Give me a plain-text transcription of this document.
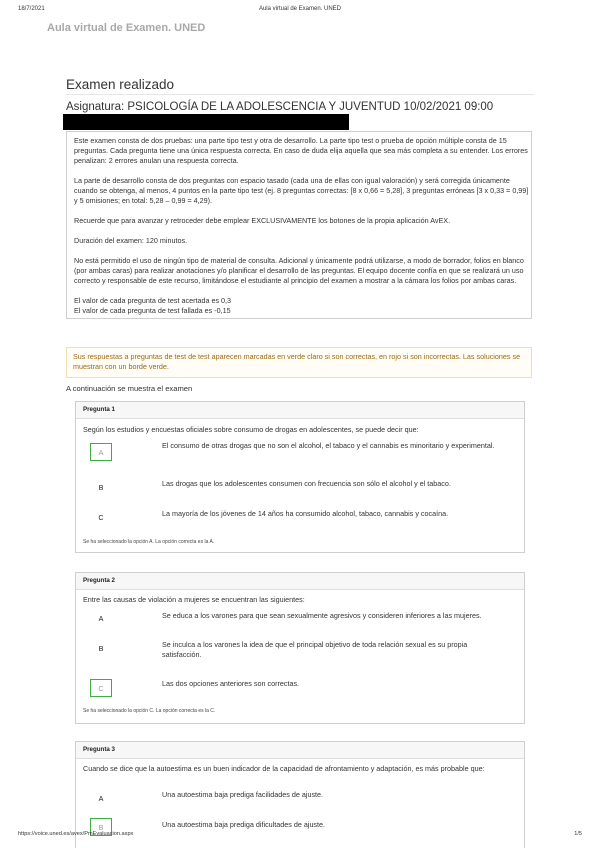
18/7/2021	Aula virtual de Examen. UNED
Aula virtual de Examen. UNED
Examen realizado
Asignatura: PSICOLOGÍA DE LA ADOLESCENCIA Y JUVENTUD 10/02/2021 09:00

Este examen consta de dos pruebas: una parte tipo test y otra de desarrollo. La parte tipo test o prueba de opción múltiple consta de 15 preguntas. Cada pregunta tiene una única respuesta correcta. En caso de duda elija aquella que sea más completa a su entender. Los errores penalizan: 2 errores anulan una respuesta correcta.

La parte de desarrollo consta de dos preguntas con espacio tasado (cada una de ellas con igual valoración) y será corregida únicamente cuando se obtenga, al menos, 4 puntos en la parte tipo test (ej. 8 preguntas correctas: [8 x 0,66 = 5,28], 3 preguntas erróneas [3 x 0,33 = 0,99] y 5 omisiones; en total: 5,28 – 0,99 = 4,29).

Recuerde que para avanzar y retroceder debe emplear EXCLUSIVAMENTE los botones de la propia aplicación AvEX.

Duración del examen: 120 minutos.

No está permitido el uso de ningún tipo de material de consulta. Adicional y únicamente podrá utilizarse, a modo de borrador, folios en blanco (por ambas caras) para realizar anotaciones y/o planificar el desarrollo de las preguntas. El equipo docente confía en que se realizará un uso correcto y responsable de este recurso, limitándose el estudiante al principio del examen a mostrar a la cámara los folios por ambas caras.

El valor de cada pregunta de test acertada es 0,3

El valor de cada pregunta de test fallada es -0,15

Sus respuestas a preguntas de test de test aparecen marcadas en verde claro si son correctas, en rojo si son incorrectas. Las soluciones se muestran con un borde verde.
A continuación se muestra el examen
Pregunta 1
Según los estudios y encuestas oficiales sobre consumo de drogas en adolescentes, se puede decir que:
A
El consumo de otras drogas que no son el alcohol, el tabaco y el cannabis es minoritario y experimental.
B	Las drogas que los adolescentes consumen con frecuencia son sólo el alcohol y el tabaco.
C	La mayoría de los jóvenes de 14 años ha consumido alcohol, tabaco, cannabis y cocaína.
Se ha seleccionado la opción A. La opción correcta es la A.
Pregunta 2
Entre las causas de violación a mujeres se encuentran las siguientes:
A	Se educa a los varones para que sean sexualmente agresivos y consideren inferiores a las mujeres.
B	Se inculca a los varones la idea de que el principal objetivo de toda relación sexual es su propia satisfacción.
C
Las dos opciones anteriores son correctas.
Se ha seleccionado la opción C. La opción correcta es la C.
Pregunta 3
Cuando se dice que la autoestima es un buen indicador de la capacidad de afrontamiento y adaptación, es más probable que:
A	Una autoestima baja prediga facilidades de ajuste.
B	Una autoestima baja prediga dificultades de ajuste.
https://voice.uned.es/avex/PmEvaluacion.aspx	1/5
